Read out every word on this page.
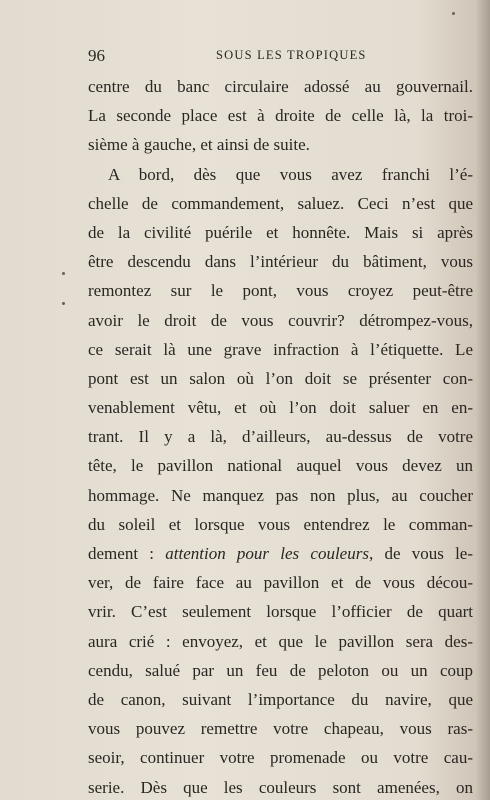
96	SOUS LES TROPIQUES
centre du banc circulaire adossé au gouvernail.
La seconde place est à droite de celle là, la troi-
sième à gauche, et ainsi de suite.
A bord, dès que vous avez franchi l’é-
chelle de commandement, saluez. Ceci n’est que
de la civilité puérile et honnête. Mais si après
être descendu dans l’intérieur du bâtiment, vous
remontez sur le pont, vous croyez peut-être
avoir le droit de vous couvrir? détrompez-vous,
ce serait là une grave infraction à l’étiquette. Le
pont est un salon où l’on doit se présenter con-
venablement vêtu, et où l’on doit saluer en en-
trant. Il y a là, d’ailleurs, au-dessus de votre
tête, le pavillon national auquel vous devez un
hommage. Ne manquez pas non plus, au coucher
du soleil et lorsque vous entendrez le comman-
dement : attention pour les couleurs, de vous le-
ver, de faire face au pavillon et de vous décou-
vrir. C’est seulement lorsque l’officier de quart
aura crié : envoyez, et que le pavillon sera des-
cendu, salué par un feu de peloton ou un coup
de canon, suivant l’importance du navire, que
vous pouvez remettre votre chapeau, vous ras-
seoir, continuer votre promenade ou votre cau-
serie. Dès que les couleurs sont amenées, on
